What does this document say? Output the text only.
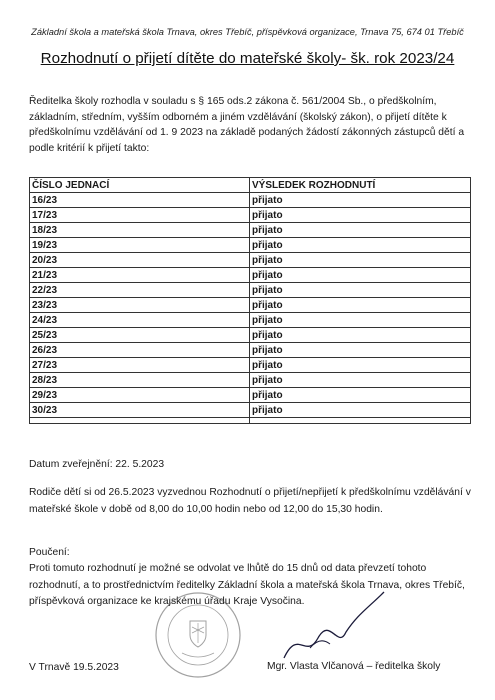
Základní škola a mateřská škola Trnava, okres Třebíč, příspěvková organizace, Trnava 75, 674 01 Třebíč
Rozhodnutí o přijetí dítěte do mateřské školy- šk. rok 2023/24
Ředitelka školy rozhodla v souladu s § 165 ods.2 zákona č. 561/2004 Sb., o předškolním, základním, středním, vyšším odborném a jiném vzdělávání (školský zákon), o přijetí dítěte k předškolnímu vzdělávání od 1. 9 2023 na základě podaných žádostí zákonných zástupců dětí a podle kritérií k přijetí takto:
ČÍSLO JEDNACÍ	VÝSLEDEK ROZHODNUTÍ
16/23	přijato
17/23	přijato
18/23	přijato
19/23	přijato
20/23	přijato
21/23	přijato
22/23	přijato
23/23	přijato
24/23	přijato
25/23	přijato
26/23	přijato
27/23	přijato
28/23	přijato
29/23	přijato
30/23	přijato

Datum zveřejnění: 22. 5.2023
Rodiče dětí si od 26.5.2023 vyzvednou Rozhodnutí o přijetí/nepřijetí k předškolnímu vzdělávání v mateřské škole v době od 8,00 do 10,00 hodin nebo od 12,00 do 15,30 hodin.
Poučení:
Proti tomuto rozhodnutí je možné se odvolat ve lhůtě do 15 dnů od data převzetí tohoto rozhodnutí, a to prostřednictvím ředitelky Základní škola a mateřská škola Trnava, okres Třebíč, příspěvková organizace ke krajskému úřadu Kraje Vysočina.
V Trnavě 19.5.2023	Mgr. Vlasta Vlčanová – ředitelka školy
